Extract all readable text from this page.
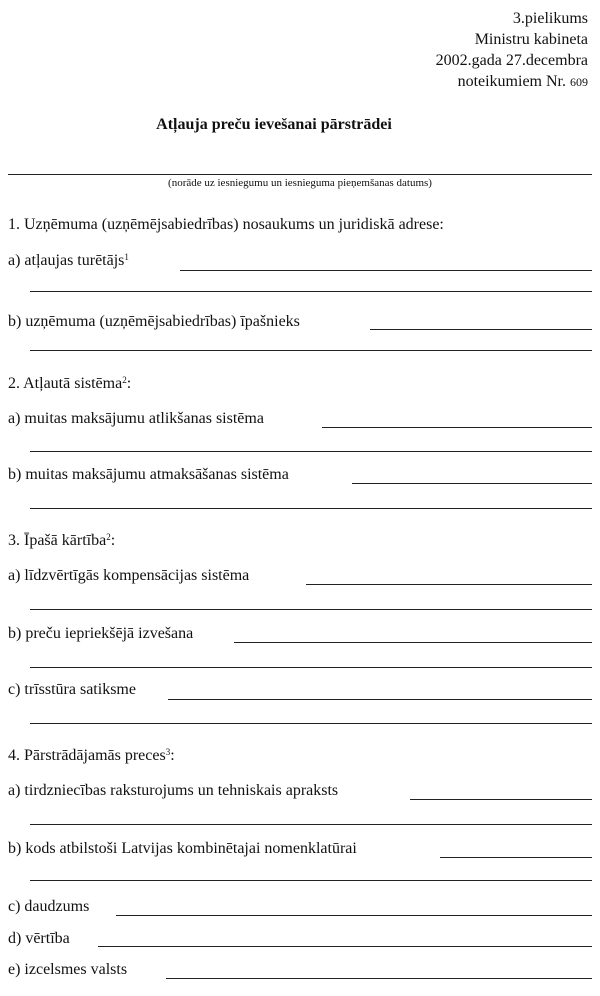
3.pielikums
Ministru kabineta
2002.gada 27.decembra
noteikumiem Nr. 609
Atļauja preču ievešanai pārstrādei
(norāde uz iesniegumu un iesnieguma pieņemšanas datums)
1. Uzņēmuma (uzņēmējsabiedrības) nosaukums un juridiskā adrese:
a) atļaujas turētājs$^1$
b) uzņēmuma (uzņēmējsabiedrības) īpašnieks
2. Atļautā sistēma$^2$:
a) muitas maksājumu atlikšanas sistēma
b) muitas maksājumu atmaksāšanas sistēma
3. Īpašā kārtība$^2$:
a) līdzvērtīgās kompensācijas sistēma
b) preču iepriekšējā izvešana
c) trīsstūra satiksme
4. Pārstrādājamās preces$^3$:
a) tirdzniecības raksturojums un tehniskais apraksts
b) kods atbilstoši Latvijas kombinētajai nomenklatūrai
c) daudzums
d) vērtība
e) izcelsmes valsts
